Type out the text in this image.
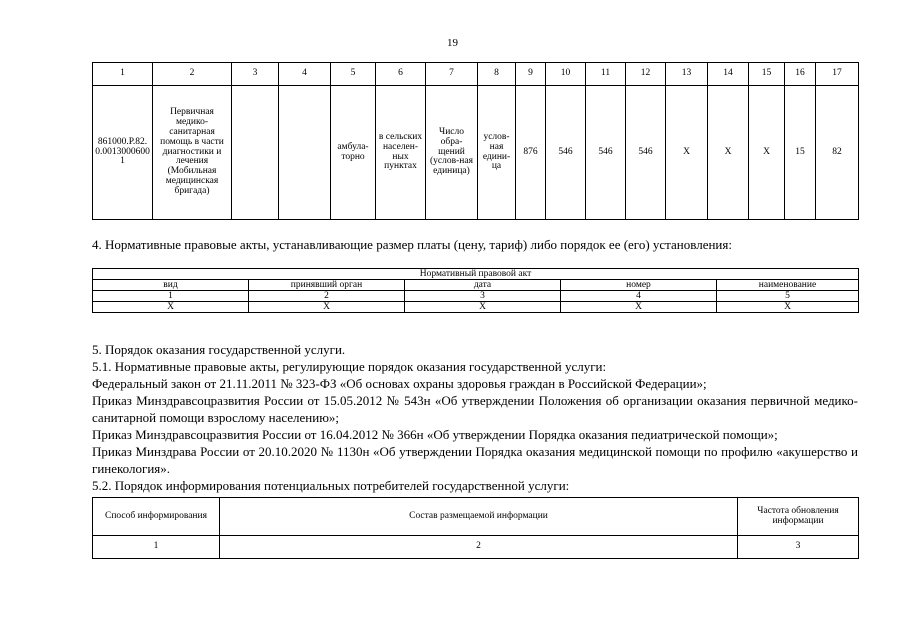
19
1	2	3	4	5	6	7	8	9	10	11	12	13	14	15	16	17
861000.Р.82.0.00130006001	Первичная медико-санитарная помощь в части диагностики и лечения (Мобильная медицинская бригада)			амбула-торно	в сельских населен-ных пунктах	Число обра-щений (услов-ная единица)	услов-ная едини-ца	876	546	546	546	Х	Х	Х	15	82
4. Нормативные правовые акты, устанавливающие размер платы (цену, тариф) либо порядок ее (его) установления:
Нормативный правовой акт				
вид	принявший орган	дата	номер	наименование
1	2	3	4	5
Х	Х	Х	Х	Х

5. Порядок оказания государственной услуги.

5.1. Нормативные правовые акты, регулирующие порядок оказания государственной услуги:

Федеральный закон от 21.11.2011 № 323-ФЗ «Об основах охраны здоровья граждан в Российской Федерации»;

Приказ Минздравсоцразвития России от 15.05.2012 № 543н «Об утверждении Положения об организации оказания первичной медико-санитарной помощи взрослому населению»;

Приказ Минздравсоцразвития России от 16.04.2012 № 366н «Об утверждении Порядка оказания педиатрической помощи»;

Приказ Минздрава России от 20.10.2020 № 1130н «Об утверждении Порядка оказания медицинской помощи по профилю «акушерство и гинекология».

5.2. Порядок информирования потенциальных потребителей государственной услуги:

Способ информирования	Состав размещаемой информации	Частота обновления информации
1	2	3
